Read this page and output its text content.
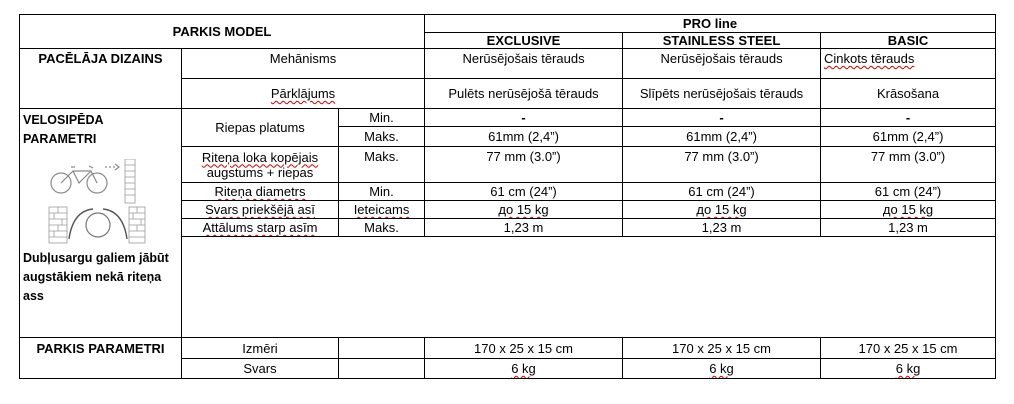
PARKIS MODEL			PRO line		
			EXCLUSIVE	STAINLESS STEEL	BASIC
PACĒLĀJA DIZAINS	Mehānisms		Nerūsējošais tērauds	Nerūsējošais tērauds	Cinkots tērauds
	Pārklājums		Pulēts nerūsējošā tērauds	Slīpēts nerūsējošais tērauds	Krāsošana

VELOSIPĒDA
PARAMETRI
Dubļusargu galiem jābūt
augstākiem nekā riteņa
ass	Riepas platums	Min.	-	-	-
		Maks.	61mm (2,4”)	61mm (2,4”)	61mm (2,4”)
	Riteņa loka kopējais
augstums + riepas	Maks.	77 mm (3.0”)	77 mm (3.0”)	77 mm (3.0”)
	Riteņa diametrs	Min.	61 cm (24”)	61 cm (24”)	61 cm (24”)
	Svars priekšējā asī	Ieteicams	до 15 kg	до 15 kg	до 15 kg
	Attālums starp asīm	Maks.	1,23 m	1,23 m	1,23 m

PARKIS PARAMETRI	Izmēri		170 x 25 x 15 cm	170 x 25 x 15 cm	170 x 25 x 15 cm
	Svars		6 kg	6 kg	6 kg
